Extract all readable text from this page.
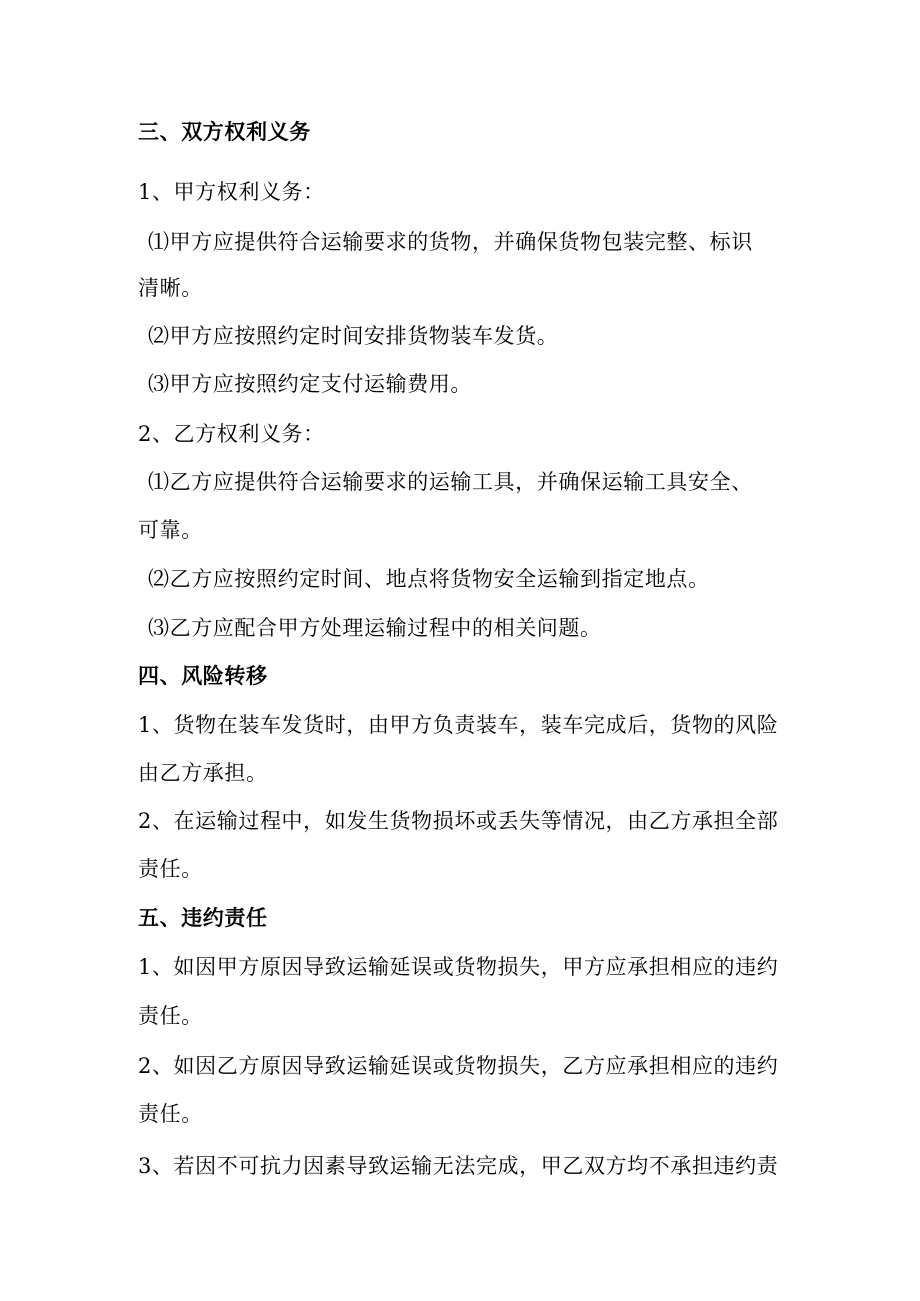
三、双方权利义务
1、甲方权利义务：
⑴甲方应提供符合运输要求的货物，并确保货物包装完整、标识
清晰。
⑵甲方应按照约定时间安排货物装车发货。
⑶甲方应按照约定支付运输费用。
2、乙方权利义务：
⑴乙方应提供符合运输要求的运输工具，并确保运输工具安全、
可靠。
⑵乙方应按照约定时间、地点将货物安全运输到指定地点。
⑶乙方应配合甲方处理运输过程中的相关问题。
四、风险转移
1、货物在装车发货时，由甲方负责装车，装车完成后，货物的风险
由乙方承担。
2、在运输过程中，如发生货物损坏或丢失等情况，由乙方承担全部
责任。
五、违约责任
1、如因甲方原因导致运输延误或货物损失，甲方应承担相应的违约
责任。
2、如因乙方原因导致运输延误或货物损失，乙方应承担相应的违约
责任。
3、若因不可抗力因素导致运输无法完成，甲乙双方均不承担违约责
